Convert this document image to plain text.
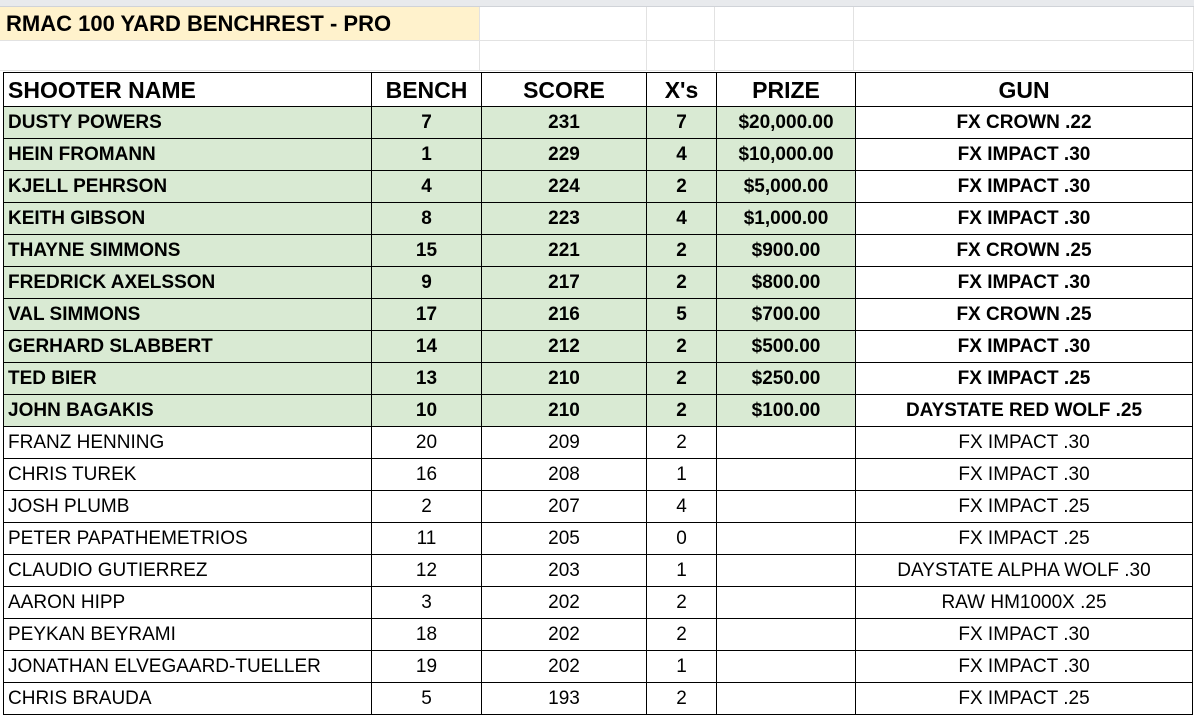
RMAC 100 YARD BENCHREST - PRO
SHOOTER NAME	BENCH	SCORE	X's	PRIZE	GUN
DUSTY POWERS	7	231	7	$20,000.00	FX CROWN .22
HEIN FROMANN	1	229	4	$10,000.00	FX IMPACT .30
KJELL PEHRSON	4	224	2	$5,000.00	FX IMPACT .30
KEITH GIBSON	8	223	4	$1,000.00	FX IMPACT .30
THAYNE SIMMONS	15	221	2	$900.00	FX CROWN .25
FREDRICK AXELSSON	9	217	2	$800.00	FX IMPACT .30
VAL SIMMONS	17	216	5	$700.00	FX CROWN .25
GERHARD SLABBERT	14	212	2	$500.00	FX IMPACT .30
TED BIER	13	210	2	$250.00	FX IMPACT .25
JOHN BAGAKIS	10	210	2	$100.00	DAYSTATE RED WOLF .25
FRANZ HENNING	20	209	2		FX IMPACT .30
CHRIS TUREK	16	208	1		FX IMPACT .30
JOSH PLUMB	2	207	4		FX IMPACT .25
PETER PAPATHEMETRIOS	11	205	0		FX IMPACT .25
CLAUDIO GUTIERREZ	12	203	1		DAYSTATE ALPHA WOLF .30
AARON HIPP	3	202	2		RAW HM1000X .25
PEYKAN BEYRAMI	18	202	2		FX IMPACT .30
JONATHAN ELVEGAARD-TUELLER	19	202	1		FX IMPACT .30
CHRIS BRAUDA	5	193	2		FX IMPACT .25
